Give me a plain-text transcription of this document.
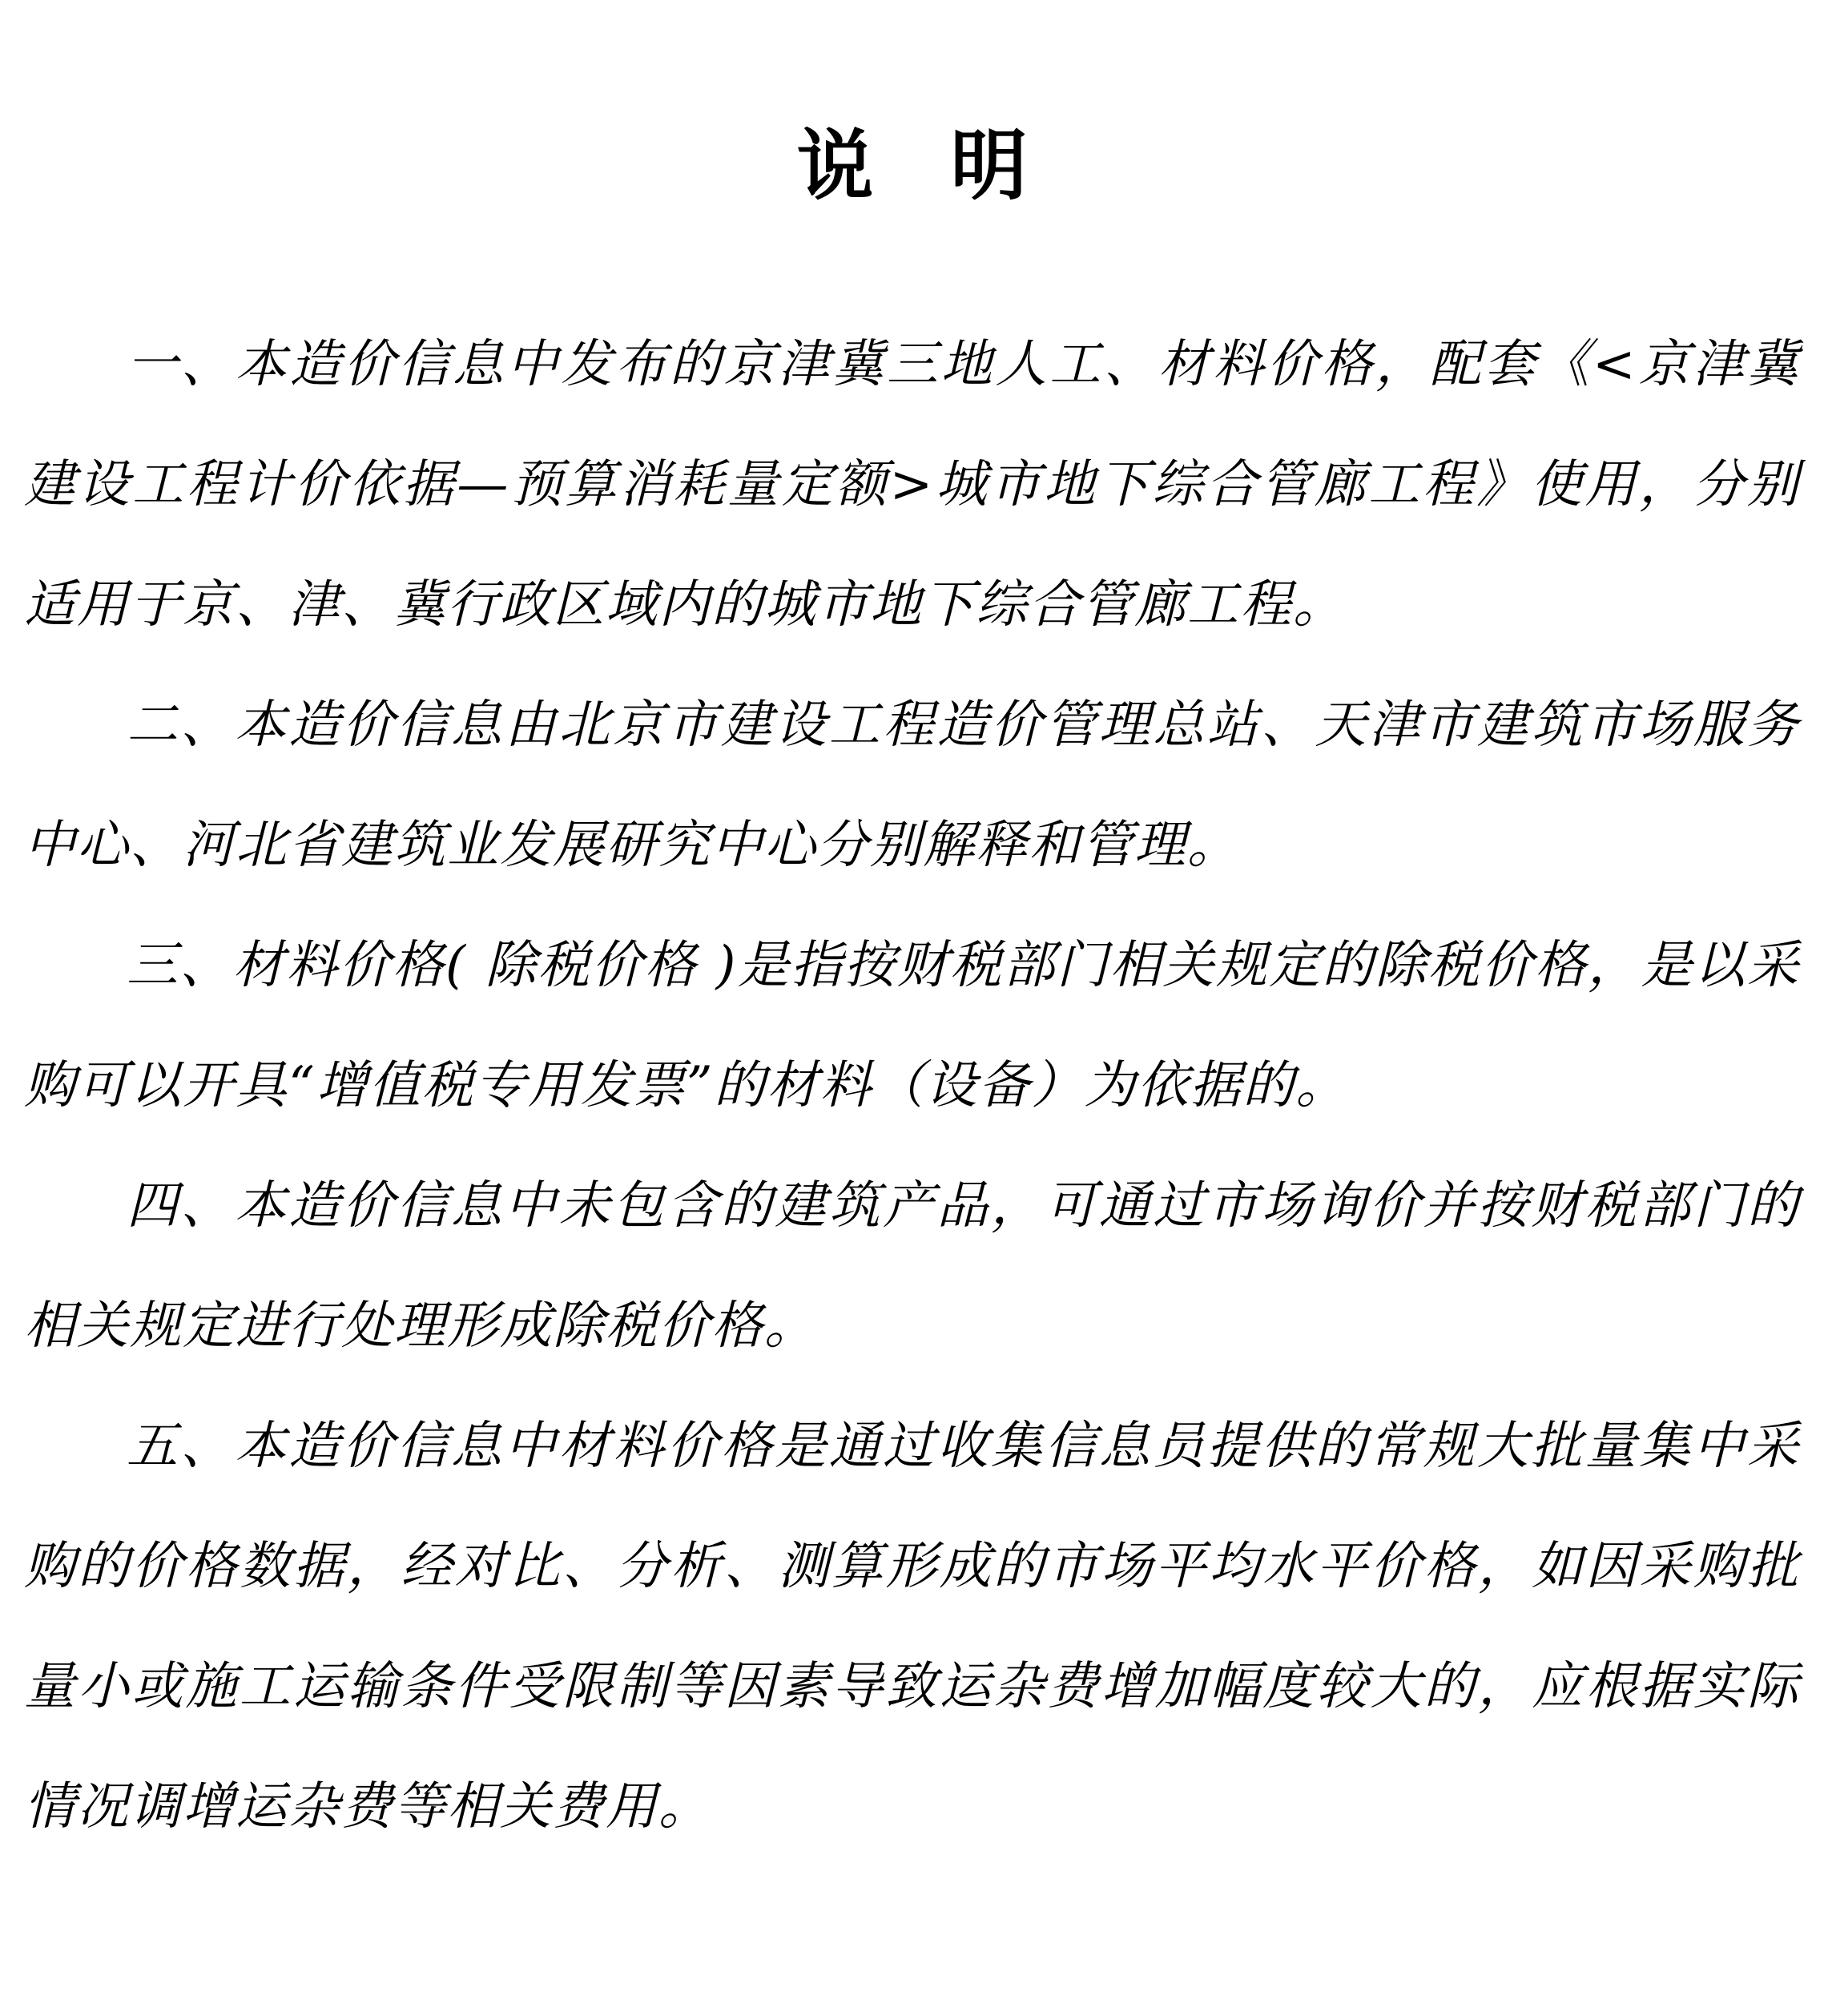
说　明

一、本造价信息中发布的京津冀三地人工、材料价格，配套《<京津冀建设工程计价依据—预算消耗量定额>城市地下综合管廊工程》使用，分别适用于京、津、冀行政区域内的城市地下综合管廊工程。

二、本造价信息由北京市建设工程造价管理总站、天津市建筑市场服务中心、河北省建筑业发展研究中心分别解释和管理。

三、材料价格( 除税价格 )是指按财税部门相关规定的除税价格，是以采购可以开具“增值税专用发票”的材料（设备）为依据的。

四、本造价信息中未包含的建筑产品，可通过市场询价并按财税部门的相关规定进行处理形成除税价格。

五、本造价信息中材料价格是通过收集信息员提供的常规大批量集中采购的价格数据，经对比、分析、测算形成的市场平均水平价格，如因采购批量小或施工运输条件受限制等因素导致运杂费增加幅度较大的，应根据实际情况调增运杂费等相关费用。
